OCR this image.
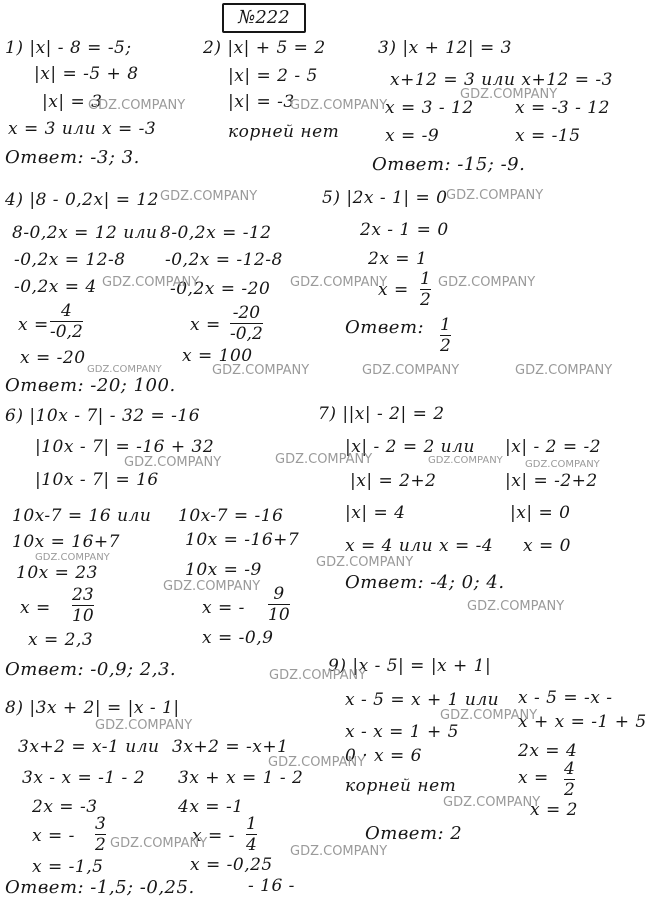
№222
1) |x| - 8 = -5;
|x| = -5 + 8
|x| = 3
x = 3 или x = -3
Ответ: -3; 3.
2) |x| + 5 = 2
|x| = 2 - 5
|x| = -3
корней нет
3) |x + 12| = 3
x+12 = 3 или x+12 = -3
x = 3 - 12 x = -3 - 12
x = -9	x = -15
Ответ: -15; -9.
4) |8 - 0,2x| = 12
8-0,2x = 12 или 8-0,2x = -12
-0,2x = 12-8 -0,2x = -12-8
-0,2x = 4	-0,2x = -20
x =	x =
x = -20	x = 100
Ответ: -20; 100.
5) |2x - 1| = 0
2x - 1 = 0
2x = 1
x =
Ответ:
6) |10x - 7| - 32 = -16
|10x - 7| = -16 + 32
|10x - 7| = 16
10x-7 = 16 или 10x-7 = -16
10x = 16+7	10x = -16+7
10x = 23	10x = -9
x =	x = -
x = 2,3	x = -0,9
Ответ: -0,9; 2,3.
7) ||x| - 2| = 2
|x| - 2 = 2 или |x| - 2 = -2
|x| = 2+2	|x| = -2+2
|x| = 4	|x| = 0
x = 4 или x = -4 x = 0
Ответ: -4; 0; 4.
8) |3x + 2| = |x - 1|
3x+2 = x-1 или 3x+2 = -x+1
3x - x = -1 - 2 3x + x = 1 - 2
2x = -3	4x = -1
x = -	x = -
x = -1,5	x = -0,25
Ответ: -1,5; -0,25.	- 16 -
9) |x - 5| = |x + 1|
x - 5 = x + 1 или x - 5 = -x -
x - x = 1 + 5	x + x = -1 + 5
0 · x = 6	2x = 4
корней нет	x =
x = 2
Ответ: 2
4
-0,2
-20
-0,2
1
2
1
2
23
10
9
10
3
2
1
4
4
2
GDZ.COMPANY	GDZ.COMPANY
GDZ.COMPANY
GDZ.COMPANY	GDZ.COMPANY
GDZ.COMPANY	GDZ.COMPANY	GDZ.COMPANY
GDZ.COMPANY	GDZ.COMPANY	GDZ.COMPANY	GDZ.COMPANY
GDZ.COMPANY	GDZ.COMPANY	GDZ.COMPANY GDZ.COMPANY
GDZ.COMPANY	GDZ.COMPANY
GDZ.COMPANY
GDZ.COMPANY
GDZ.COMPANY
GDZ.COMPANY
GDZ.COMPANY
GDZ.COMPANY
GDZ.COMPANY
GDZ.COMPANY
GDZ.COMPANY
